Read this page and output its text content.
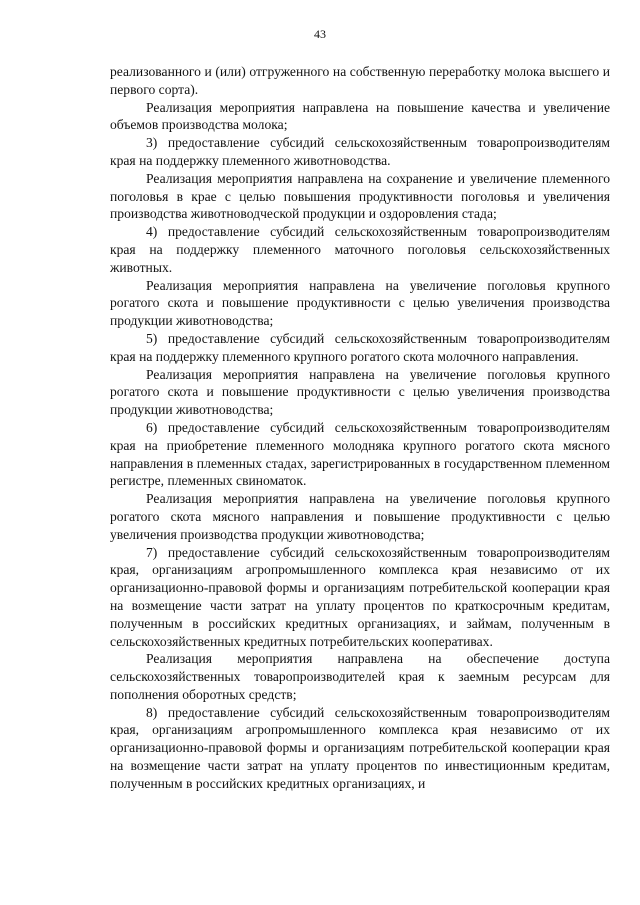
43

реализованного и (или) отгруженного на собственную переработку молока высшего и первого сорта).

Реализация мероприятия направлена на повышение качества и увеличение объемов производства молока;

3) предоставление субсидий сельскохозяйственным товаропроизводителям края на поддержку племенного животноводства.

Реализация мероприятия направлена на сохранение и увеличение племенного поголовья в крае с целью повышения продуктивности поголовья и увеличения производства животноводческой продукции и оздоровления стада;

4) предоставление субсидий сельскохозяйственным товаропроизводителям края на поддержку племенного маточного поголовья сельскохозяйственных животных.

Реализация мероприятия направлена на увеличение поголовья крупного рогатого скота и повышение продуктивности с целью увеличения производства продукции животноводства;

5) предоставление субсидий сельскохозяйственным товаропроизводителям края на поддержку племенного крупного рогатого скота молочного направления.

Реализация мероприятия направлена на увеличение поголовья крупного рогатого скота и повышение продуктивности с целью увеличения производства продукции животноводства;

6) предоставление субсидий сельскохозяйственным товаропроизводителям края на приобретение племенного молодняка крупного рогатого скота мясного направления в племенных стадах, зарегистрированных в государственном племенном регистре, племенных свиноматок.

Реализация мероприятия направлена на увеличение поголовья крупного рогатого скота мясного направления и повышение продуктивности с целью увеличения производства продукции животноводства;

7) предоставление субсидий сельскохозяйственным товаропроизводителям края, организациям агропромышленного комплекса края независимо от их организационно-правовой формы и организациям потребительской кооперации края на возмещение части затрат на уплату процентов по краткосрочным кредитам, полученным в российских кредитных организациях, и займам, полученным в сельскохозяйственных кредитных потребительских кооперативах.

Реализация мероприятия направлена на обеспечение доступа сельскохозяйственных товаропроизводителей края к заемным ресурсам для пополнения оборотных средств;

8) предоставление субсидий сельскохозяйственным товаропроизводителям края, организациям агропромышленного комплекса края независимо от их организационно-правовой формы и организациям потребительской кооперации края на возмещение части затрат на уплату процентов по инвестиционным кредитам, полученным в российских кредитных организациях, и
